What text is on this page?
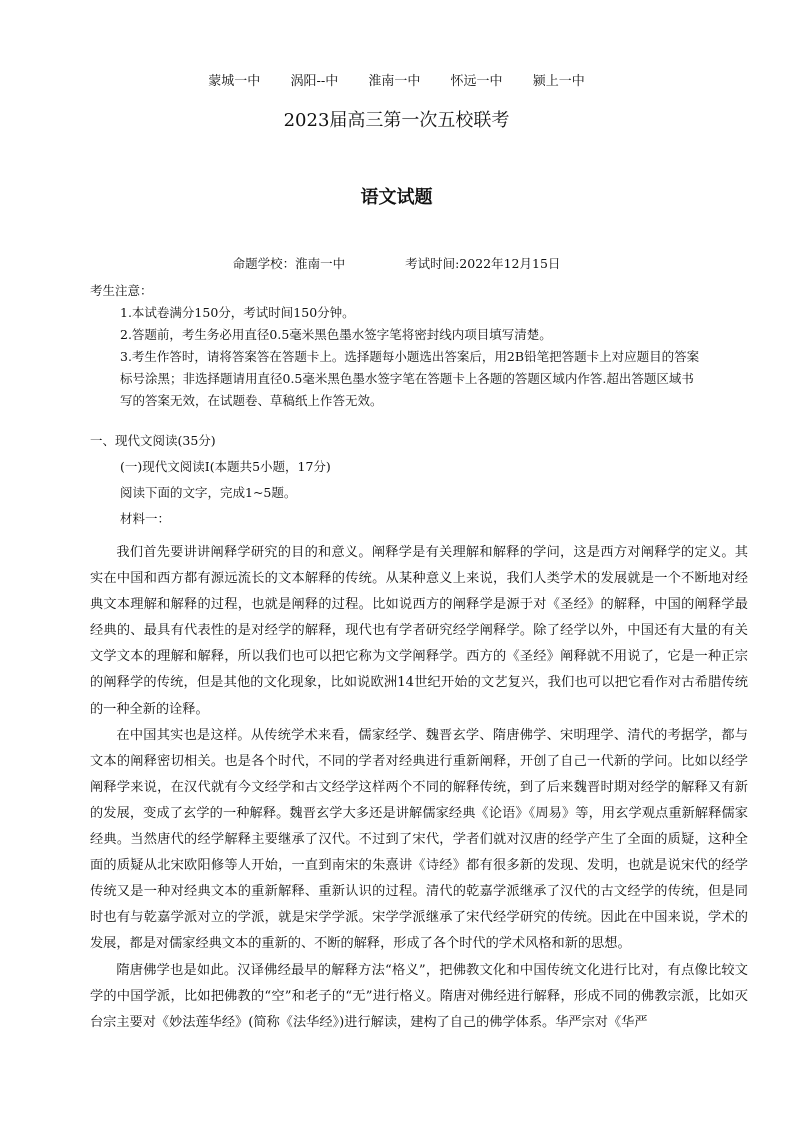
蒙城一中 涡阳--中 淮南一中 怀远一中 颍上一中
2023届高三第一次五校联考
语文试题
命题学校：淮南一中	考试时间:2022年12月15日
考生注意：
1.本试卷满分150分，考试时间150分钟。
2.答题前，考生务必用直径0.5毫米黑色墨水签字笔将密封线内项目填写清楚。
3.考生作答时，请将答案答在答题卡上。选择题每小题选出答案后，用2B铅笔把答题卡上对应题目的答案
标号涂黑；非选择题请用直径0.5毫米黑色墨水签字笔在答题卡上各题的答题区域内作答.超出答题区域书
写的答案无效，在试题卷、草稿纸上作答无效。
一、现代文阅读(35分)
(一)现代文阅读Ⅰ(本题共5小题，17分)
阅读下面的文字，完成1~5题。
材料一：

我们首先要讲讲阐释学研究的目的和意义。阐释学是有关理解和解释的学问，这是西方对阐释学的定义。其实在中国和西方都有源远流长的文本解释的传统。从某种意义上来说，我们人类学术的发展就是一个不断地对经典文本理解和解释的过程，也就是阐释的过程。比如说西方的阐释学是源于对《圣经》的解释，中国的阐释学最经典的、最具有代表性的是对经学的解释，现代也有学者研究经学阐释学。除了经学以外，中国还有大量的有关文学文本的理解和解释，所以我们也可以把它称为文学阐释学。西方的《圣经》阐释就不用说了，它是一种正宗的阐释学的传统，但是其他的文化现象，比如说欧洲14世纪开始的文艺复兴，我们也可以把它看作对古希腊传统的一种全新的诠释。

在中国其实也是这样。从传统学术来看，儒家经学、魏晋玄学、隋唐佛学、宋明理学、清代的考据学，都与文本的阐释密切相关。也是各个时代，不同的学者对经典进行重新阐释，开创了自己一代新的学问。比如以经学阐释学来说，在汉代就有今文经学和古文经学这样两个不同的解释传统，到了后来魏晋时期对经学的解释又有新的发展，变成了玄学的一种解释。魏晋玄学大多还是讲解儒家经典《论语》《周易》等，用玄学观点重新解释儒家经典。当然唐代的经学解释主要继承了汉代。不过到了宋代，学者们就对汉唐的经学产生了全面的质疑，这种全面的质疑从北宋欧阳修等人开始，一直到南宋的朱熹讲《诗经》都有很多新的发现、发明，也就是说宋代的经学传统又是一种对经典文本的重新解释、重新认识的过程。清代的乾嘉学派继承了汉代的古文经学的传统，但是同时也有与乾嘉学派对立的学派，就是宋学学派。宋学学派继承了宋代经学研究的传统。因此在中国来说，学术的发展，都是对儒家经典文本的重新的、不断的解释，形成了各个时代的学术风格和新的思想。

隋唐佛学也是如此。汉译佛经最早的解释方法“格义”，把佛教文化和中国传统文化进行比对，有点像比较文学的中国学派，比如把佛教的“空”和老子的“无”进行格义。隋唐对佛经进行解释，形成不同的佛教宗派，比如灭台宗主要对《妙法莲华经》(简称《法华经》)进行解读，建构了自己的佛学体系。华严宗对《华严
